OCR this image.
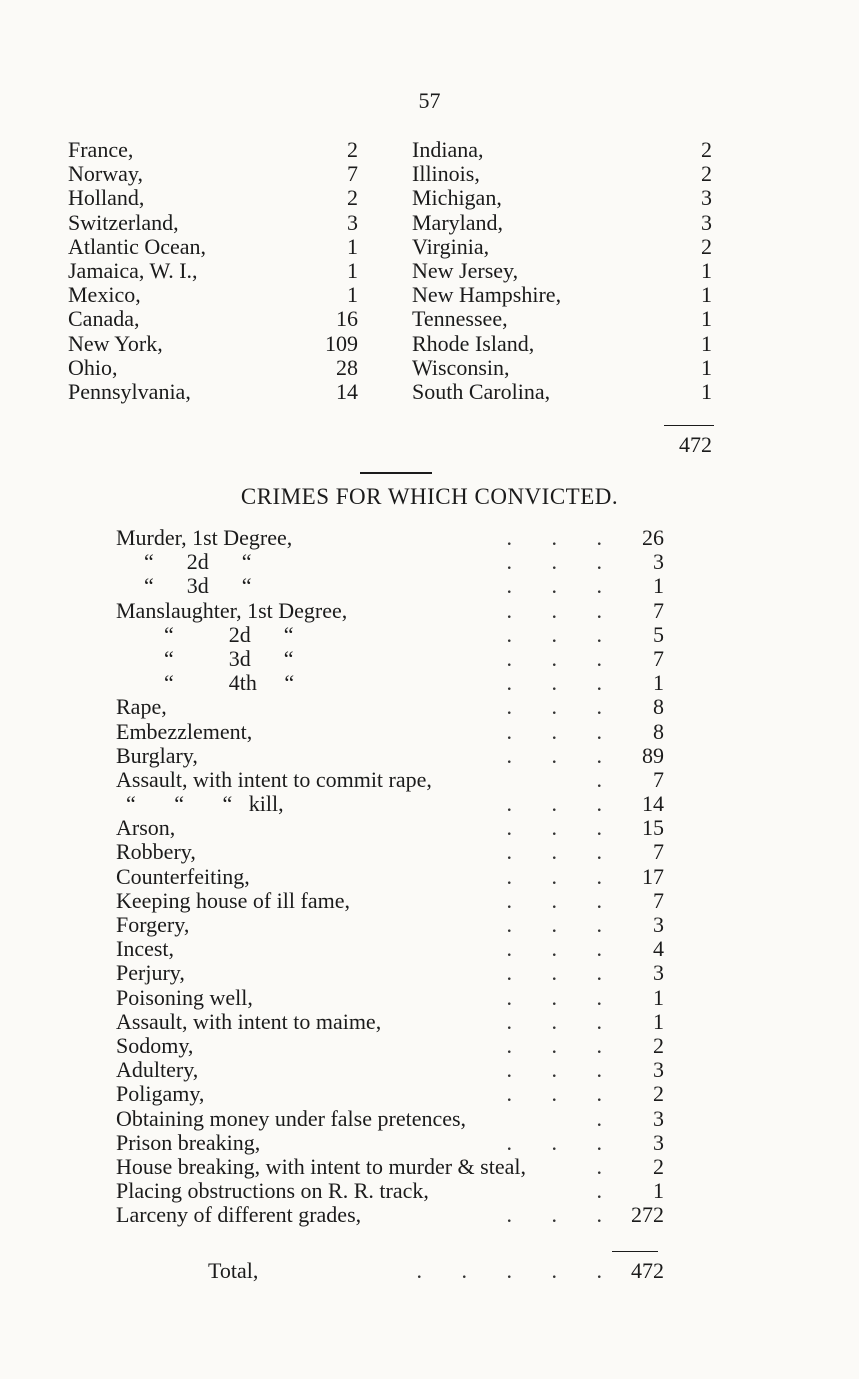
57
France,	2
Norway,	7
Holland,	2
Switzerland,	3
Atlantic Ocean,	1
Jamaica, W. I.,	1
Mexico,	1
Canada,	16
New York,	109
Ohio,	28
Pennsylvania,	14
Indiana,	2
Illinois,	2
Michigan,	3
Maryland,	3
Virginia,	2
New Jersey,	1
New Hampshire,	1
Tennessee,	1
Rhode Island,	1
Wisconsin,	1
South Carolina,	1
472
CRIMES FOR WHICH CONVICTED.
Murder, 1st Degree,	.     .     . 26
“      2d      “	.     .     . 3
“      3d      “	.     .     . 1
Manslaughter, 1st Degree,	.     .     . 7
“          2d      “	.     .     . 5
“          3d      “	.     .     . 7
“          4th     “	.     .     . 1
Rape,	.     .     . 8
Embezzlement,	.     .     . 8
Burglary,	.     .     . 89
Assault, with intent to commit rape,	. 7
“       “       “   kill,	.     .     . 14
Arson,	.     .     . 15
Robbery,	.     .     . 7
Counterfeiting,	.     .     . 17
Keeping house of ill fame,	.     .     . 7
Forgery,	.     .     . 3
Incest,	.     .     . 4
Perjury,	.     .     . 3
Poisoning well,	.     .     . 1
Assault, with intent to maime,	.     .     . 1
Sodomy,	.     .     . 2
Adultery,	.     .     . 3
Poligamy,	.     .     . 2
Obtaining money under false pretences,	. 3
Prison breaking,	.     .     . 3
House breaking, with intent to murder & steal,	. 2
Placing obstructions on R. R. track,	. 1
Larceny of different grades,	.     .     . 272
Total,	.     .     .     .     . 472
